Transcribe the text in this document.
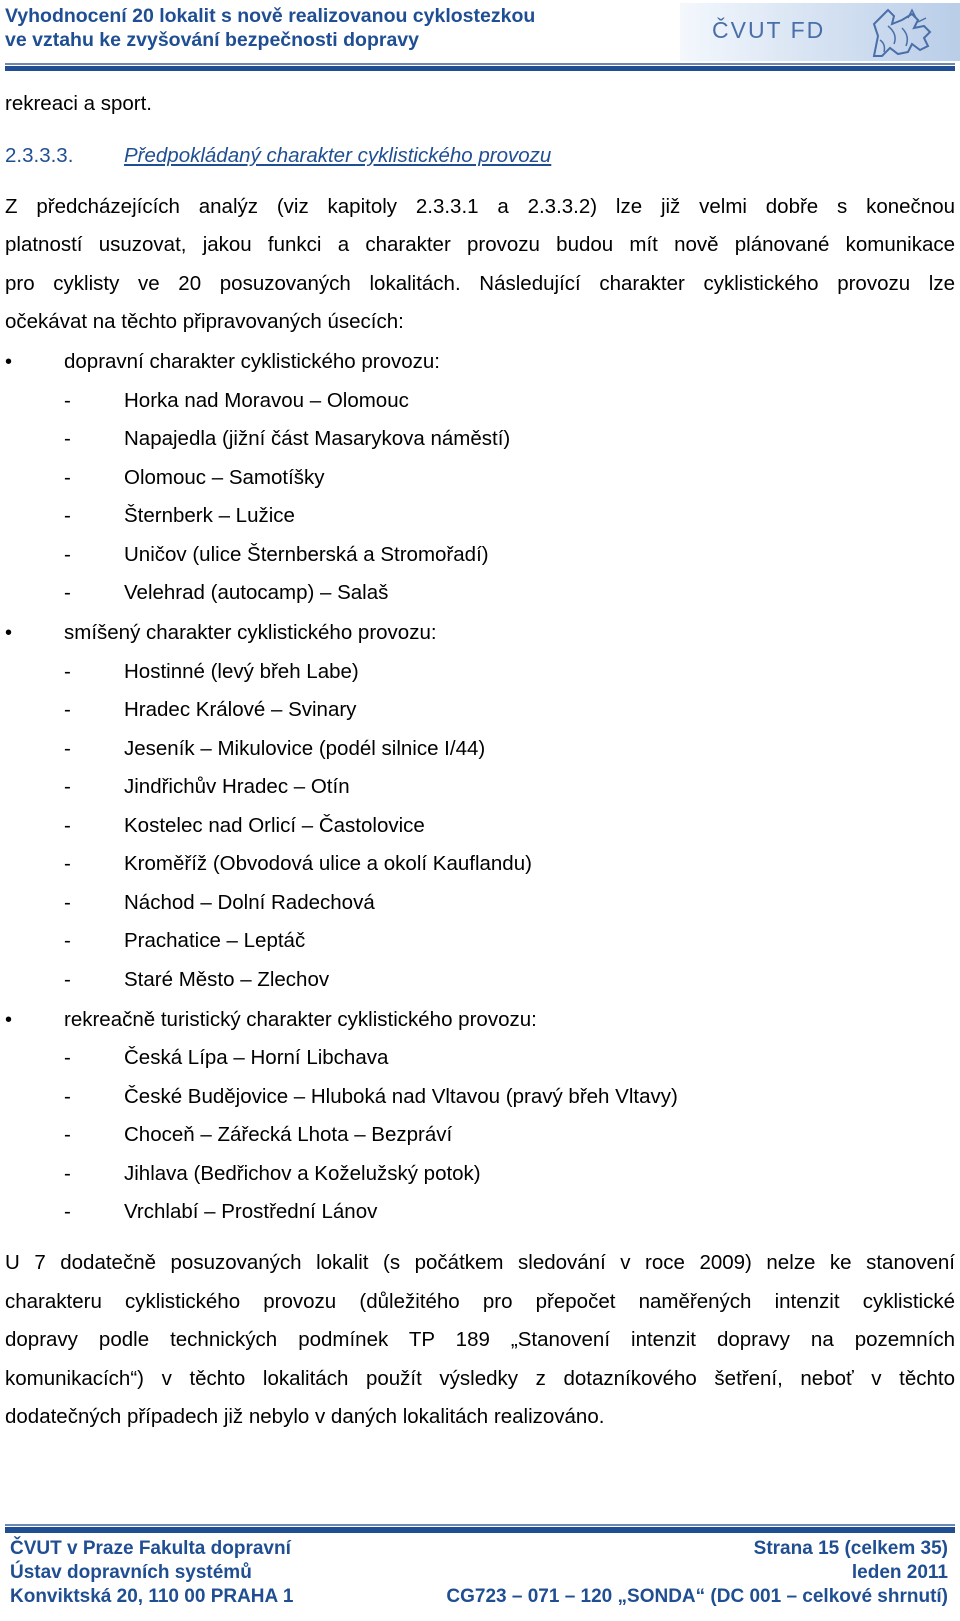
Vyhodnocení 20 lokalit s nově realizovanou cyklostezkou
ve vztahu ke zvyšování bezpečnosti dopravy	ČVUT FD
rekreaci a sport.
2.3.3.3. Předpokládaný charakter cyklistického provozu
Z předcházejících analýz (viz kapitoly 2.3.3.1 a 2.3.3.2) lze již velmi dobře s konečnou
platností usuzovat, jakou funkci a charakter provozu budou mít nově plánované komunikace
pro cyklisty ve 20 posuzovaných lokalitách. Následující charakter cyklistického provozu lze
očekávat na těchto připravovaných úsecích:
•	dopravní charakter cyklistického provozu:
-	Horka nad Moravou – Olomouc
-	Napajedla (jižní část Masarykova náměstí)
-	Olomouc – Samotíšky
-	Šternberk – Lužice
-	Uničov (ulice Šternberská a Stromořadí)
-	Velehrad (autocamp) – Salaš
•	smíšený charakter cyklistického provozu:
-	Hostinné (levý břeh Labe)
-	Hradec Králové – Svinary
-	Jeseník – Mikulovice (podél silnice I/44)
-	Jindřichův Hradec – Otín
-	Kostelec nad Orlicí – Častolovice
-	Kroměříž (Obvodová ulice a okolí Kauflandu)
-	Náchod – Dolní Radechová
-	Prachatice – Leptáč
-	Staré Město – Zlechov
•	rekreačně turistický charakter cyklistického provozu:
-	Česká Lípa – Horní Libchava
-	České Budějovice – Hluboká nad Vltavou (pravý břeh Vltavy)
-	Choceň – Zářecká Lhota – Bezpráví
-	Jihlava (Bedřichov a Koželužský potok)
-	Vrchlabí – Prostřední Lánov
U 7 dodatečně posuzovaných lokalit (s počátkem sledování v roce 2009) nelze ke stanovení
charakteru cyklistického provozu (důležitého pro přepočet naměřených intenzit cyklistické
dopravy podle technických podmínek TP 189 „Stanovení intenzit dopravy na pozemních
komunikacích“) v těchto lokalitách použít výsledky z dotazníkového šetření, neboť v těchto
dodatečných případech již nebylo v daných lokalitách realizováno.
ČVUT v Praze Fakulta dopravní
Ústav dopravních systémů
Konviktská 20, 110 00 PRAHA 1
Strana 15 (celkem 35)
leden 2011
CG723 – 071 – 120 „SONDA“ (DC 001 – celkové shrnutí)
